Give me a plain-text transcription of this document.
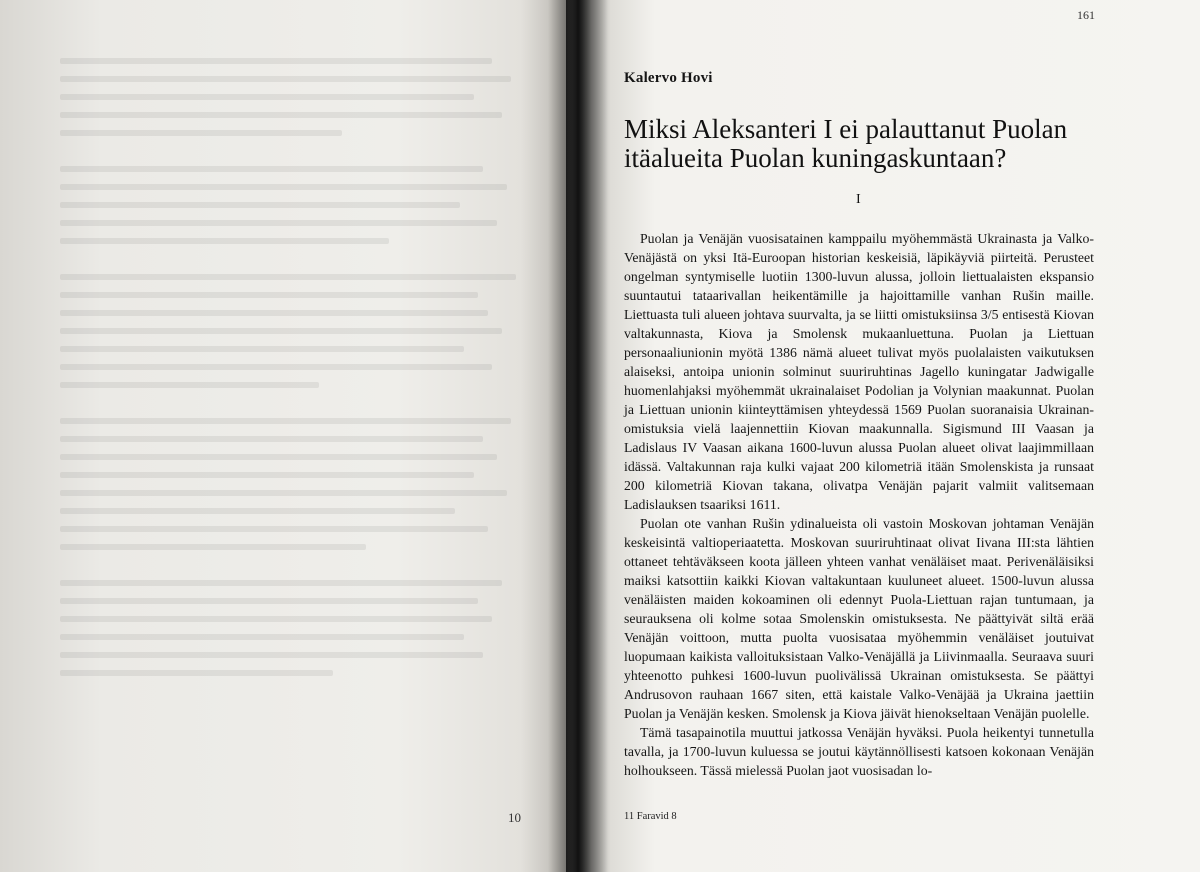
10
161
Kalervo Hovi
Miksi Aleksanteri I ei palauttanut Puolan itäalueita Puolan kuningaskuntaan?
I

Puolan ja Venäjän vuosisatainen kamppailu myöhemmästä Ukrainasta ja Valko-Venäjästä on yksi Itä-Euroopan historian keskeisiä, läpikäyviä piirteitä. Perusteet ongelman syntymiselle luotiin 1300-luvun alussa, jolloin liettualaisten ekspansio suuntautui tataarivallan heikentämille ja hajoittamille vanhan Rušin maille. Liettuasta tuli alueen johtava suurvalta, ja se liitti omistuksiinsa 3/5 entisestä Kiovan valtakunnasta, Kiova ja Smolensk mukaanluettuna. Puolan ja Liettuan personaaliunionin myötä 1386 nämä alueet tulivat myös puolalaisten vaikutuksen alaiseksi, antoipa unionin solminut suuriruhtinas Jagello kuningatar Jadwigalle huomenlahjaksi myöhemmät ukrainalaiset Podolian ja Volynian maakunnat. Puolan ja Liettuan unionin kiinteyttämisen yhteydessä 1569 Puolan suoranaisia Ukrainan-omistuksia vielä laajennettiin Kiovan maakunnalla. Sigismund III Vaasan ja Ladislaus IV Vaasan aikana 1600-luvun alussa Puolan alueet olivat laajimmillaan idässä. Valtakunnan raja kulki vajaat 200 kilometriä itään Smolenskista ja runsaat 200 kilometriä Kiovan takana, olivatpa Venäjän pajarit valmiit valitsemaan Ladislauksen tsaariksi 1611.

Puolan ote vanhan Rušin ydinalueista oli vastoin Moskovan johtaman Venäjän keskeisintä valtioperiaatetta. Moskovan suuriruhtinaat olivat Iivana III:sta lähtien ottaneet tehtäväkseen koota jälleen yhteen vanhat venäläiset maat. Perivenäläisiksi maiksi katsottiin kaikki Kiovan valtakuntaan kuuluneet alueet. 1500-luvun alussa venäläisten maiden kokoaminen oli edennyt Puola-Liettuan rajan tuntumaan, ja seurauksena oli kolme sotaa Smolenskin omistuksesta. Ne päättyivät siltä erää Venäjän voittoon, mutta puolta vuosisataa myöhemmin venäläiset joutuivat luopumaan kaikista valloituksistaan Valko-Venäjällä ja Liivinmaalla. Seuraava suuri yhteenotto puhkesi 1600-luvun puolivälissä Ukrainan omistuksesta. Se päättyi Andrusovon rauhaan 1667 siten, että kaistale Valko-Venäjää ja Ukraina jaettiin Puolan ja Venäjän kesken. Smolensk ja Kiova jäivät hienokseltaan Venäjän puolelle.

Tämä tasapainotila muuttui jatkossa Venäjän hyväksi. Puola heikentyi tunnetulla tavalla, ja 1700-luvun kuluessa se joutui käytännöllisesti katsoen kokonaan Venäjän holhoukseen. Tässä mielessä Puolan jaot vuosisadan lo-

11 Faravid 8
